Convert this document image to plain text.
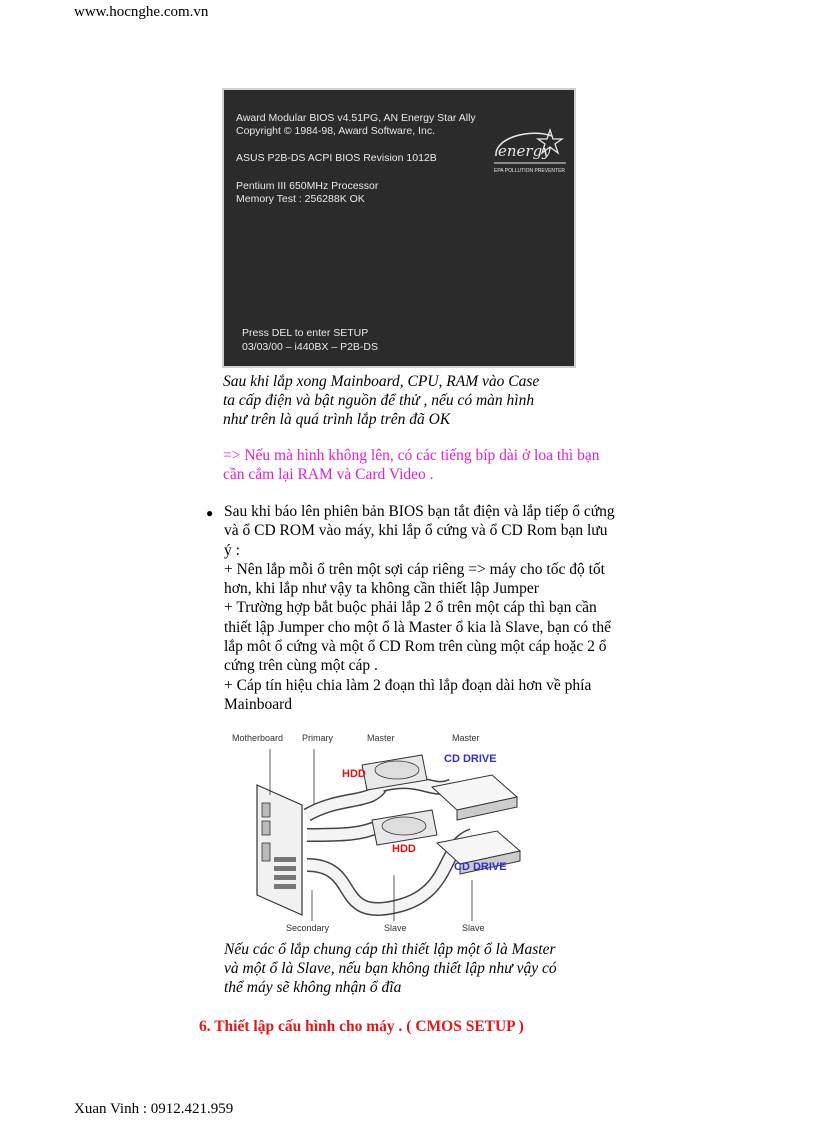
www.hocnghe.com.vn
Award Modular BIOS v4.51PG, AN Energy Star Ally
Copyright © 1984-98, Award Software, Inc.
ASUS P2B-DS ACPI BIOS Revision 1012B
Pentium III 650MHz Processor
Memory Test : 256288K OK
Press DEL to enter SETUP
03/03/00 – i440BX – P2B-DS
energy
EPA POLLUTION PREVENTER
Sau khi lắp xong Mainboard, CPU, RAM vào Case
ta cấp điện và bật nguồn để thử , nếu có màn hình
như trên là quá trình lắp trên đã OK
=> Nếu mà hình không lên, có các tiếng bíp dài ở loa thì bạn
cần cắm lại RAM và Card Video .
● Sau khi báo lên phiên bản BIOS bạn tắt điện và lắp tiếp ổ cứng
và ổ CD ROM vào máy, khi lắp ổ cứng và ổ CD Rom bạn lưu
ý :
+ Nên lắp mỗi ổ trên một sợi cáp riêng => máy cho tốc độ tốt
hơn, khi lắp như vậy ta không cần thiết lập Jumper
+ Trường hợp bắt buộc phải lắp 2 ổ trên một cáp thì bạn cần
thiết lập Jumper cho một ổ là Master ổ kia là Slave, bạn có thể
lắp môt ổ cứng và một ổ CD Rom trên cùng một cáp hoặc 2 ổ
cứng trên cùng một cáp .
+ Cáp tín hiệu chia làm 2 đoạn thì lắp đoạn dài hơn về phía
Mainboard
Motherboard Primary	Master	Master
HDD
HDD
CD DRIVE
CD DRIVE
Secondary	Slave	Slave
Nếu các ổ lắp chung cáp thì thiết lập một ổ là Master
và một ổ là Slave, nếu bạn không thiết lập như vậy có
thể máy sẽ không nhận ổ đĩa
6. Thiết lập cấu hình cho máy . ( CMOS SETUP )
Xuan Vinh : 0912.421.959
